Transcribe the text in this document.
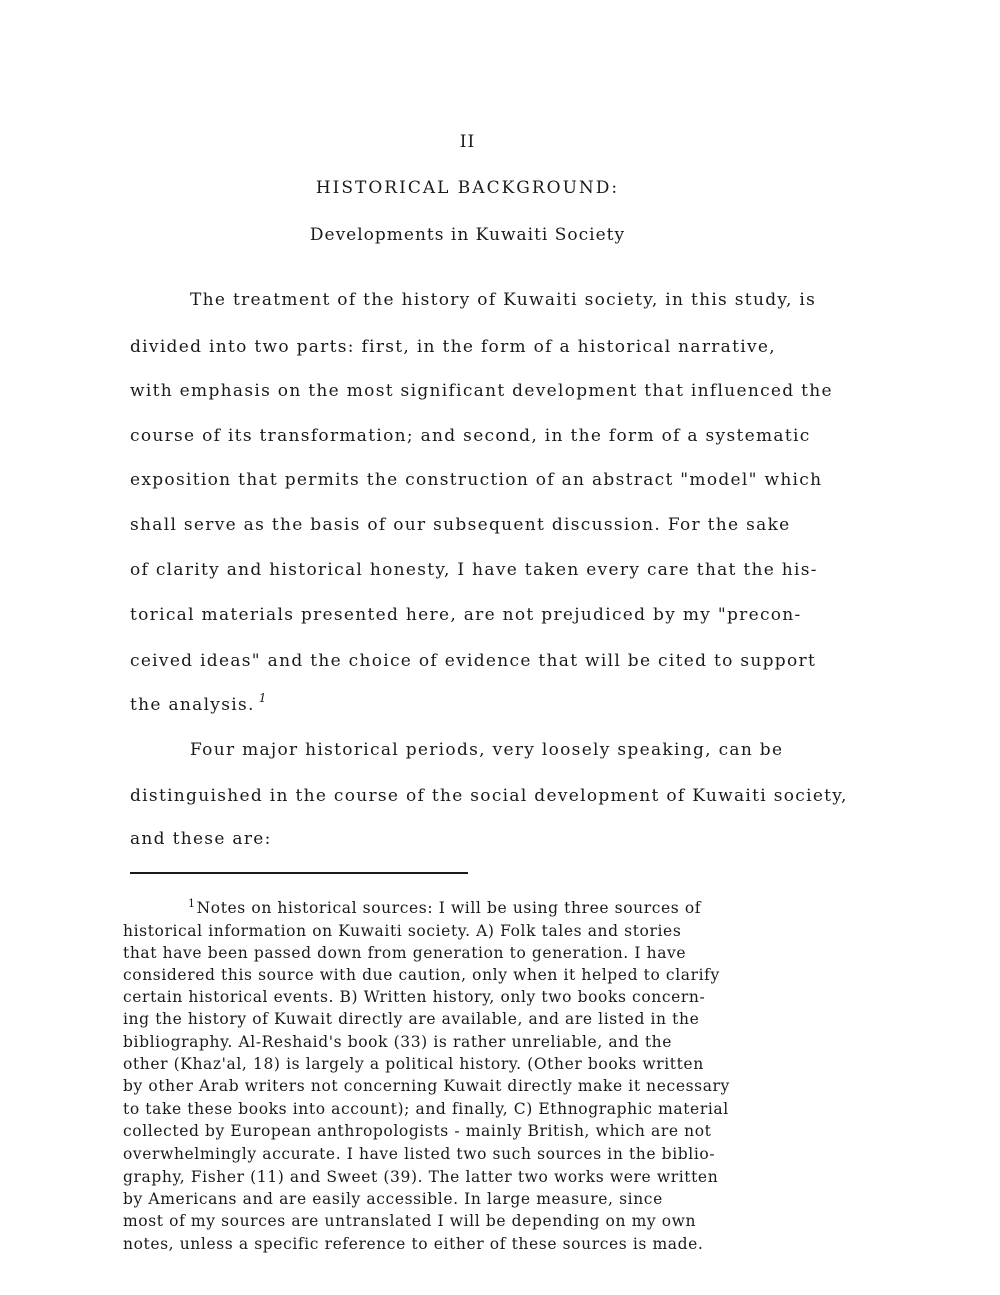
II
HISTORICAL BACKGROUND:
Developments in Kuwaiti Society
The treatment of the history of Kuwaiti society, in this study, is
divided into two parts: first, in the form of a historical narrative,
with emphasis on the most significant development that influenced the
course of its transformation; and second, in the form of a systematic
exposition that permits the construction of an abstract "model" which
shall serve as the basis of our subsequent discussion. For the sake
of clarity and historical honesty, I have taken every care that the his-
torical materials presented here, are not prejudiced by my "precon-
ceived ideas" and the choice of evidence that will be cited to support
the analysis. $^1$
Four major historical periods, very loosely speaking, can be
distinguished in the course of the social development of Kuwaiti society,
and these are:
$^1$Notes on historical sources: I will be using three sources of
historical information on Kuwaiti society. A) Folk tales and stories
that have been passed down from generation to generation. I have
considered this source with due caution, only when it helped to clarify
certain historical events. B) Written history, only two books concern-
ing the history of Kuwait directly are available, and are listed in the
bibliography. Al-Reshaid's book (33) is rather unreliable, and the
other (Khaz'al, 18) is largely a political history. (Other books written
by other Arab writers not concerning Kuwait directly make it necessary
to take these books into account); and finally, C) Ethnographic material
collected by European anthropologists - mainly British, which are not
overwhelmingly accurate. I have listed two such sources in the biblio-
graphy, Fisher (11) and Sweet (39). The latter two works were written
by Americans and are easily accessible. In large measure, since
most of my sources are untranslated I will be depending on my own
notes, unless a specific reference to either of these sources is made.
